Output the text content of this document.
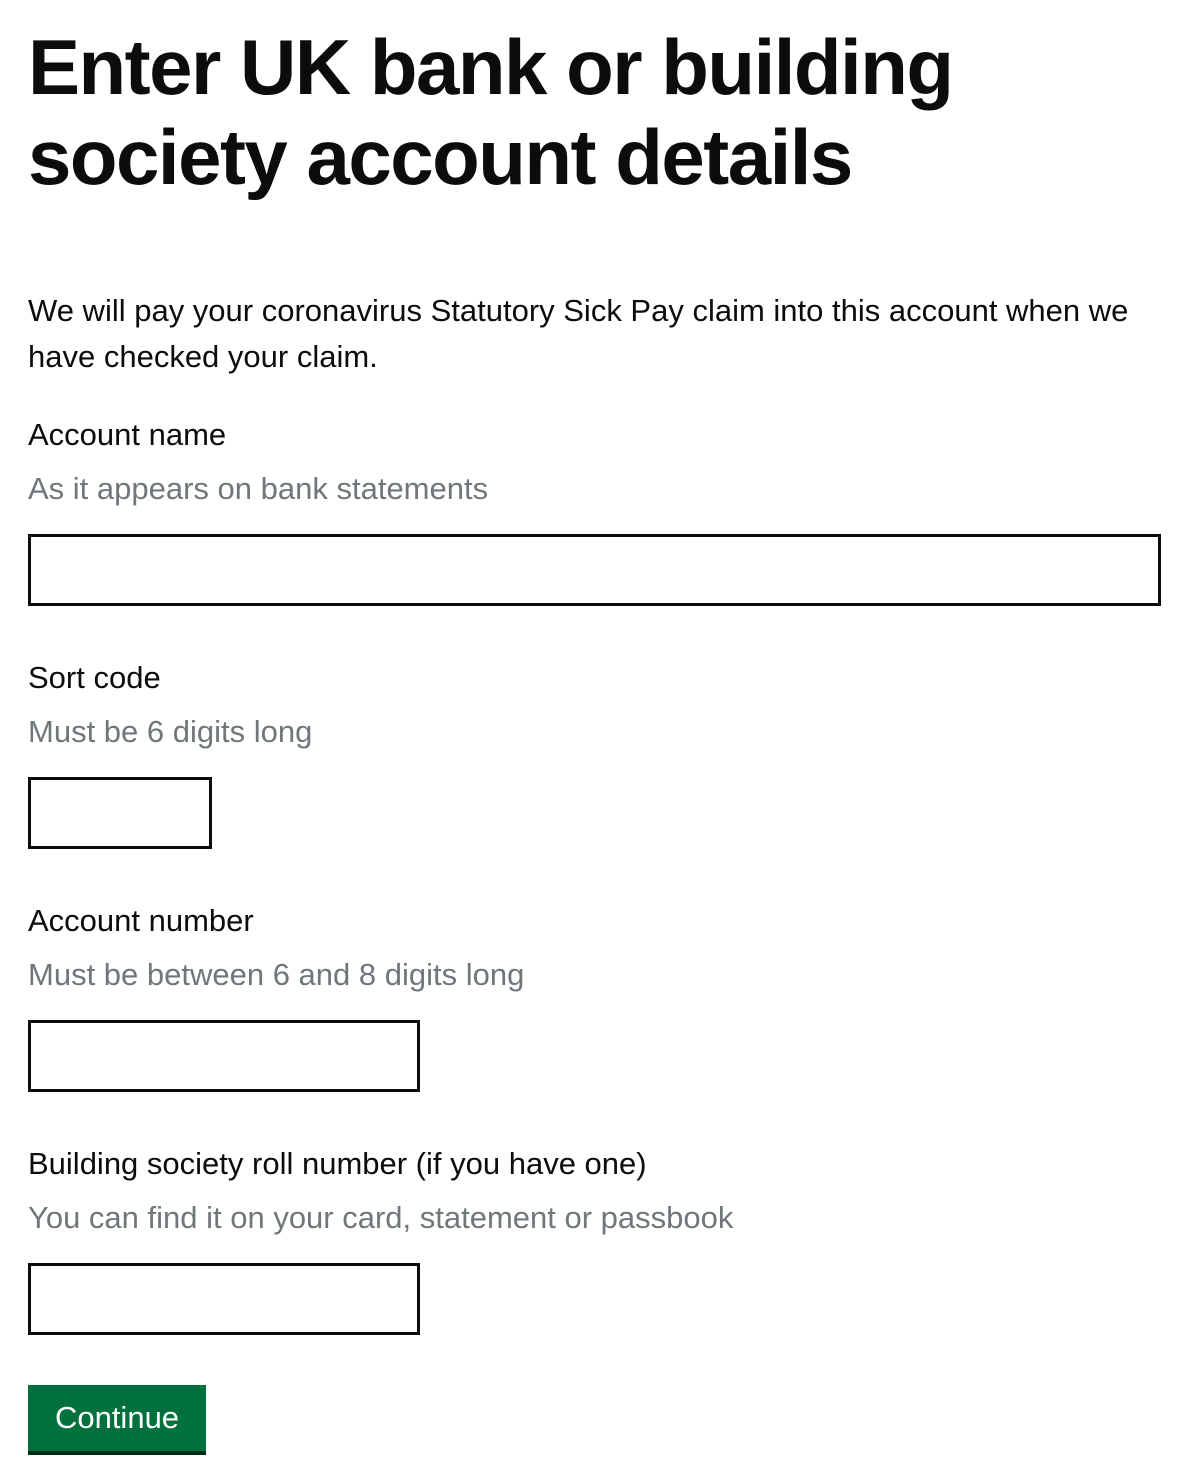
Enter UK bank or building society account details

We will pay your coronavirus Statutory Sick Pay claim into this account when we have checked your claim.

Account name
As it appears on bank statements
Sort code
Must be 6 digits long
Account number
Must be between 6 and 8 digits long
Building society roll number (if you have one)
You can find it on your card, statement or passbook
Continue
